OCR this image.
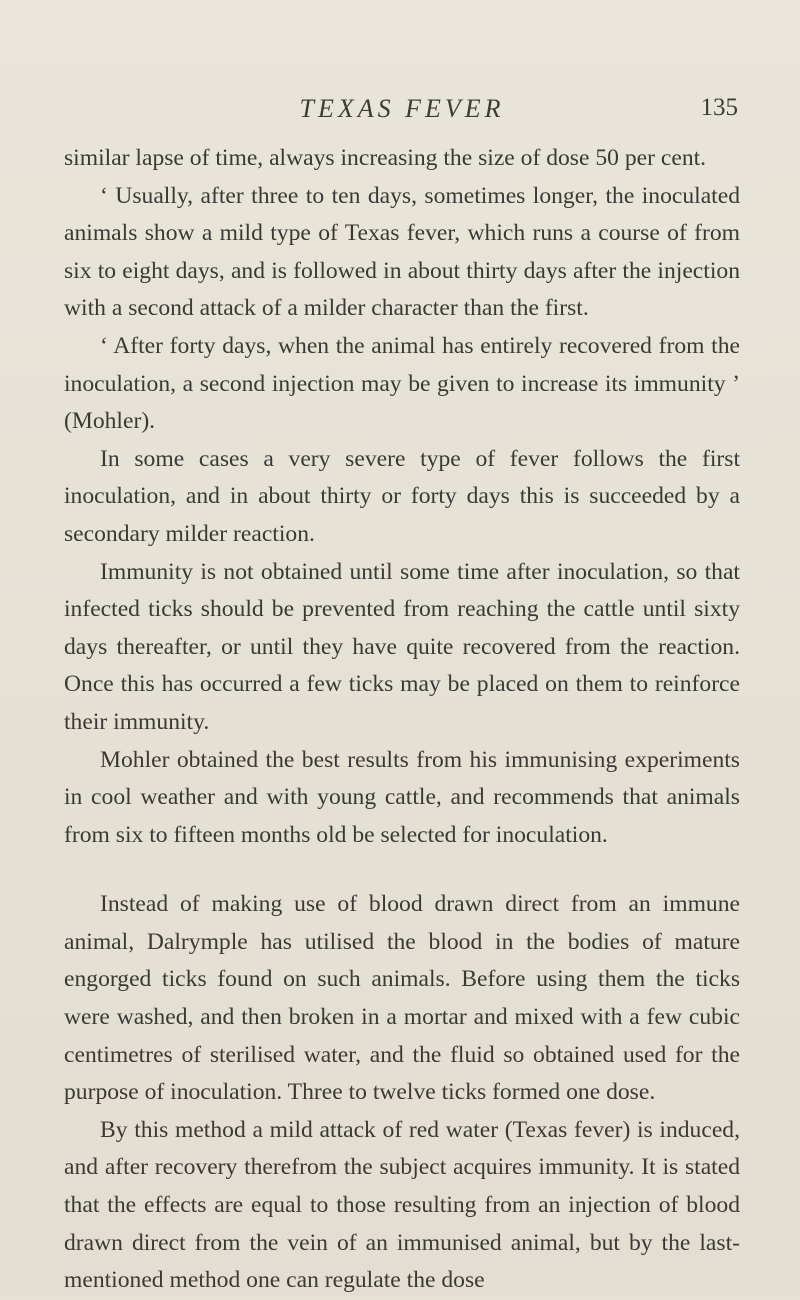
TEXAS FEVER	135

similar lapse of time, always increasing the size of dose 50 per cent.

‘ Usually, after three to ten days, sometimes longer, the inoculated animals show a mild type of Texas fever, which runs a course of from six to eight days, and is followed in about thirty days after the injection with a second attack of a milder character than the first.

‘ After forty days, when the animal has entirely recovered from the inoculation, a second injection may be given to increase its immunity ’ (Mohler).

In some cases a very severe type of fever follows the first inoculation, and in about thirty or forty days this is succeeded by a secondary milder reaction.

Immunity is not obtained until some time after inoculation, so that infected ticks should be prevented from reaching the cattle until sixty days thereafter, or until they have quite recovered from the reaction. Once this has occurred a few ticks may be placed on them to reinforce their immunity.

Mohler obtained the best results from his immunising experiments in cool weather and with young cattle, and recommends that animals from six to fifteen months old be selected for inoculation.

Instead of making use of blood drawn direct from an immune animal, Dalrymple has utilised the blood in the bodies of mature engorged ticks found on such animals. Before using them the ticks were washed, and then broken in a mortar and mixed with a few cubic centimetres of sterilised water, and the fluid so obtained used for the purpose of inoculation. Three to twelve ticks formed one dose.

By this method a mild attack of red water (Texas fever) is induced, and after recovery therefrom the subject acquires immunity. It is stated that the effects are equal to those resulting from an injection of blood drawn direct from the vein of an immunised animal, but by the last-mentioned method one can regulate the dose
